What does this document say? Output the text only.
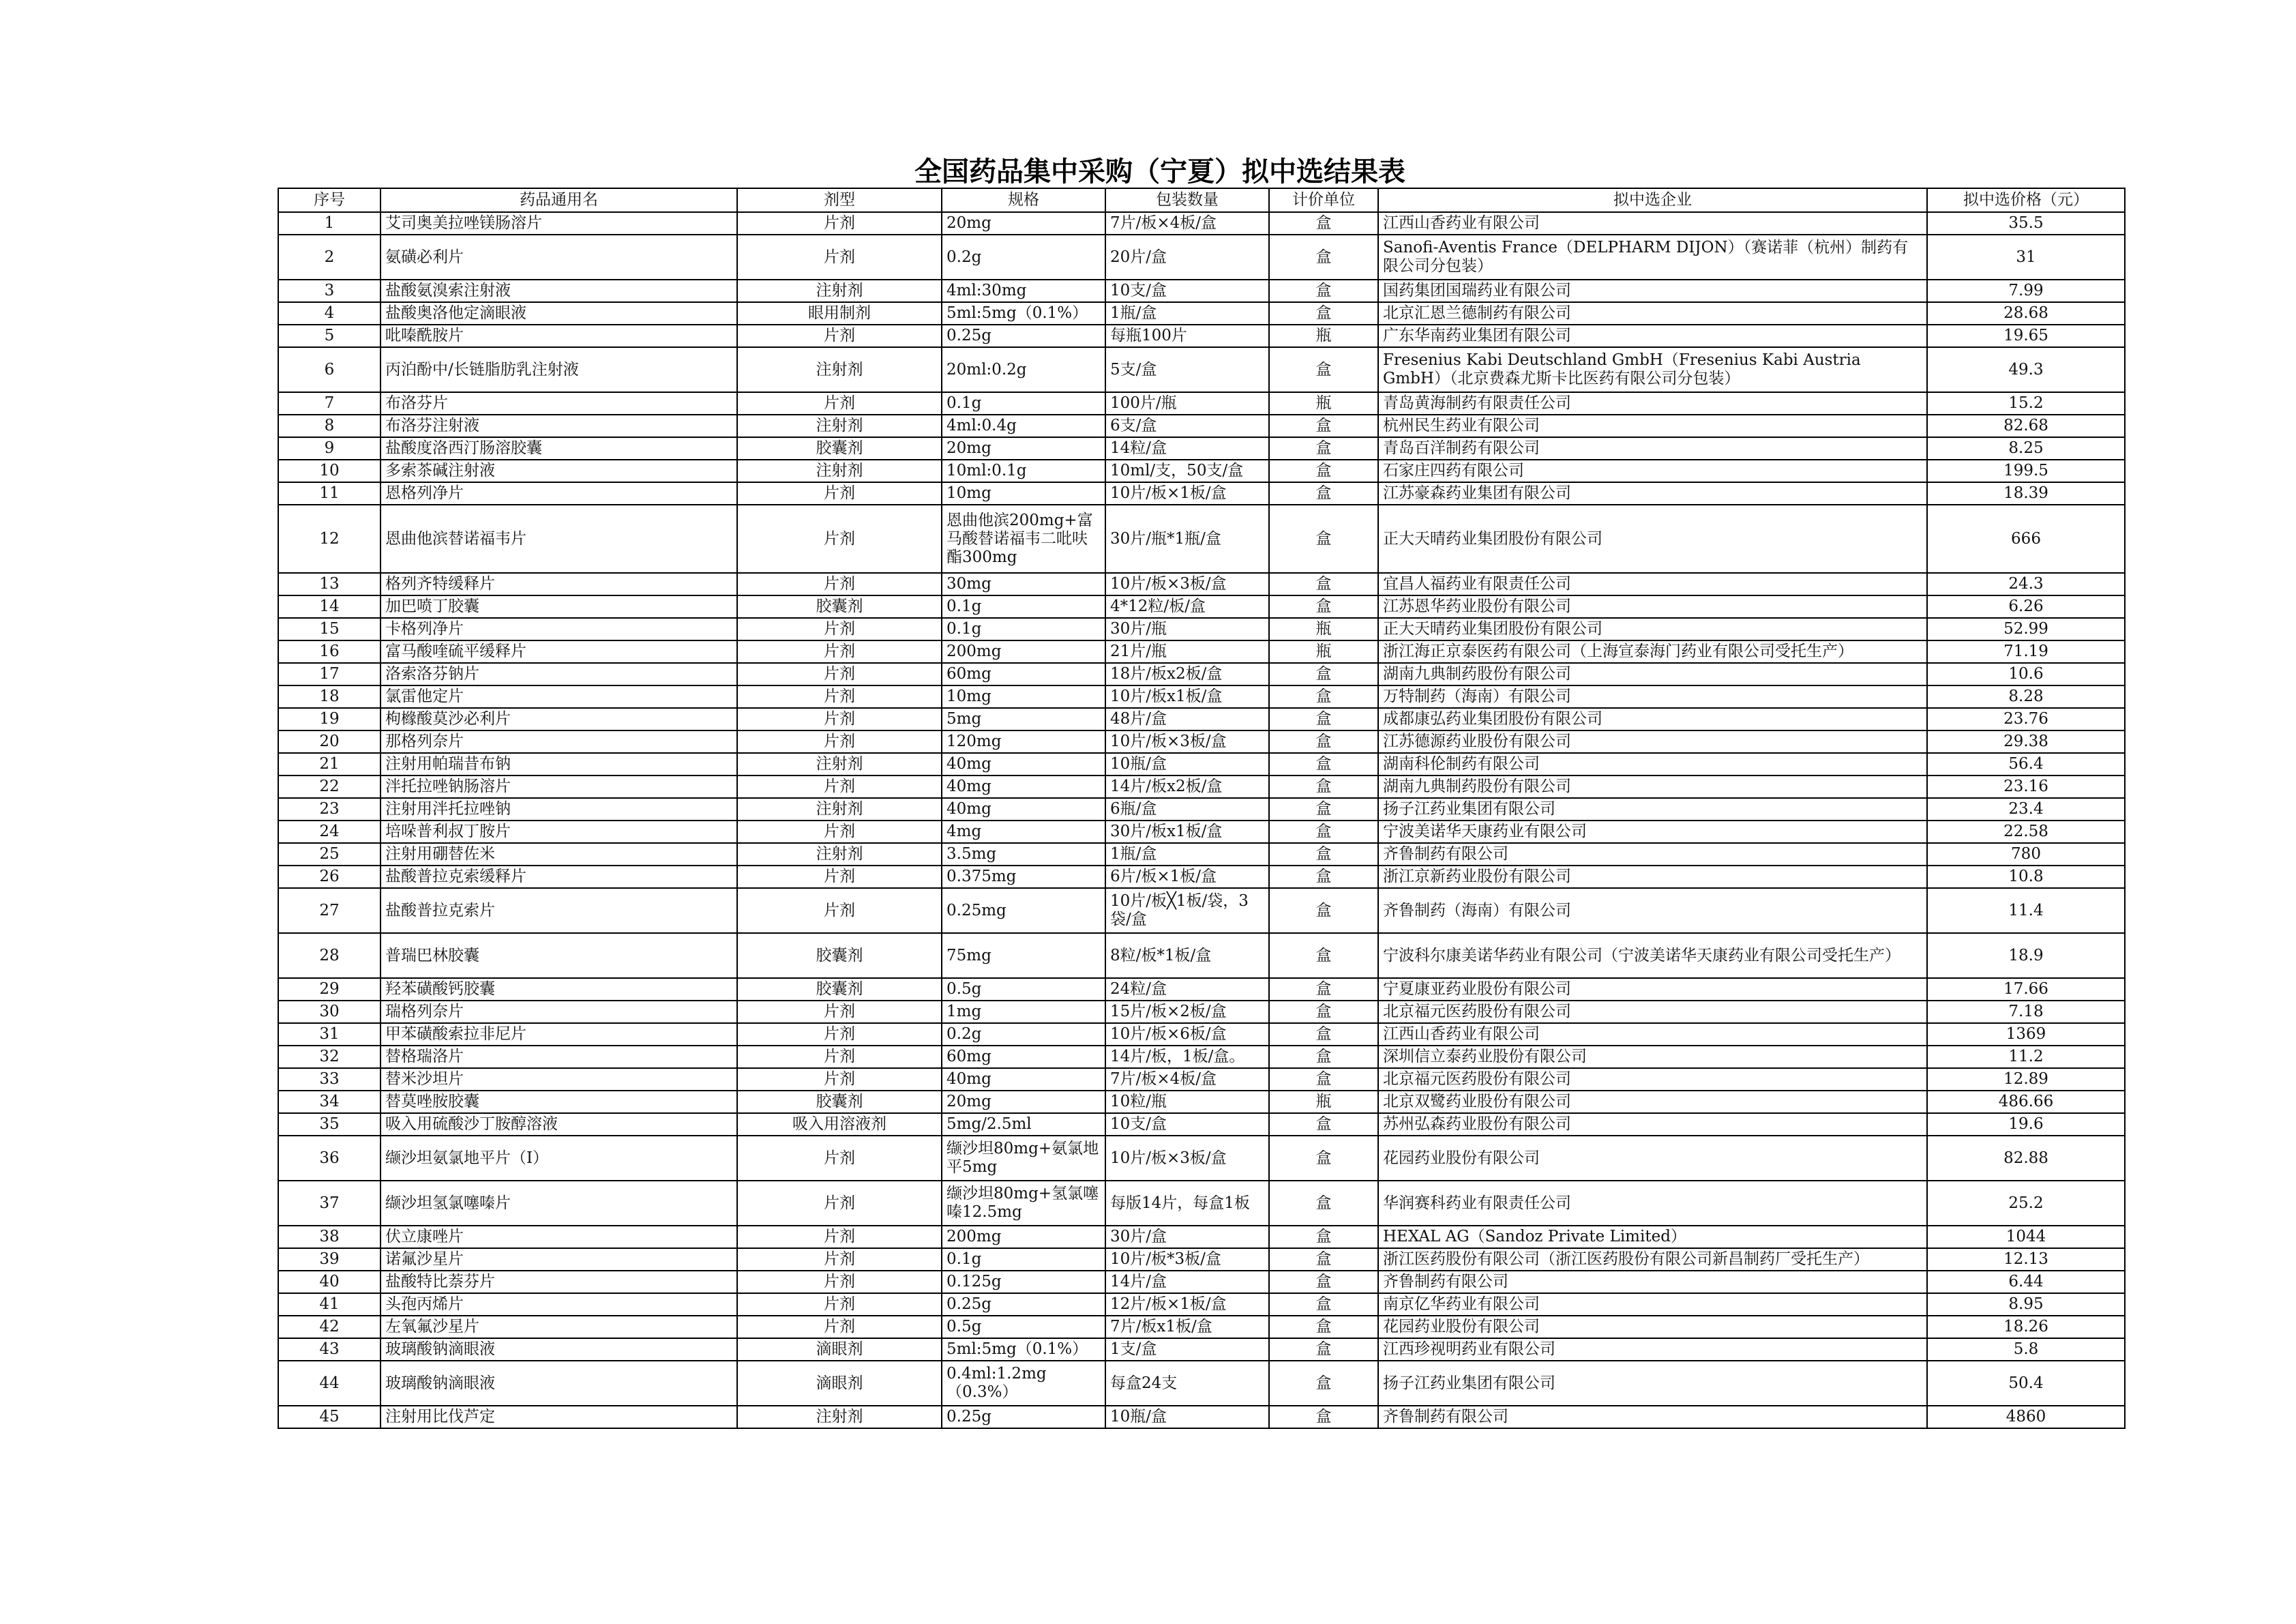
全国药品集中采购（宁夏）拟中选结果表
序号	药品通用名	剂型	规格	包装数量	计价单位	拟中选企业	拟中选价格（元）
1	艾司奥美拉唑镁肠溶片	片剂	20mg	7片/板×4板/盒	盒	江西山香药业有限公司	35.5
2	氨磺必利片	片剂	0.2g	20片/盒	盒	Sanofi-Aventis France（DELPHARM DIJON）（赛诺菲（杭州）制药有限公司分包装）	31
3	盐酸氨溴索注射液	注射剂	4ml:30mg	10支/盒	盒	国药集团国瑞药业有限公司	7.99
4	盐酸奥洛他定滴眼液	眼用制剂	5ml:5mg（0.1%）	1瓶/盒	盒	北京汇恩兰德制药有限公司	28.68
5	吡嗪酰胺片	片剂	0.25g	每瓶100片	瓶	广东华南药业集团有限公司	19.65
6	丙泊酚中/长链脂肪乳注射液	注射剂	20ml:0.2g	5支/盒	盒	Fresenius Kabi Deutschland GmbH（Fresenius Kabi Austria GmbH）（北京费森尤斯卡比医药有限公司分包装）	49.3
7	布洛芬片	片剂	0.1g	100片/瓶	瓶	青岛黄海制药有限责任公司	15.2
8	布洛芬注射液	注射剂	4ml:0.4g	6支/盒	盒	杭州民生药业有限公司	82.68
9	盐酸度洛西汀肠溶胶囊	胶囊剂	20mg	14粒/盒	盒	青岛百洋制药有限公司	8.25
10	多索茶碱注射液	注射剂	10ml:0.1g	10ml/支，50支/盒	盒	石家庄四药有限公司	199.5
11	恩格列净片	片剂	10mg	10片/板×1板/盒	盒	江苏豪森药业集团有限公司	18.39
12	恩曲他滨替诺福韦片	片剂	恩曲他滨200mg+富马酸替诺福韦二吡呋酯300mg	30片/瓶*1瓶/盒	盒	正大天晴药业集团股份有限公司	666
13	格列齐特缓释片	片剂	30mg	10片/板×3板/盒	盒	宜昌人福药业有限责任公司	24.3
14	加巴喷丁胶囊	胶囊剂	0.1g	4*12粒/板/盒	盒	江苏恩华药业股份有限公司	6.26
15	卡格列净片	片剂	0.1g	30片/瓶	瓶	正大天晴药业集团股份有限公司	52.99
16	富马酸喹硫平缓释片	片剂	200mg	21片/瓶	瓶	浙江海正京泰医药有限公司（上海宣泰海门药业有限公司受托生产）	71.19
17	洛索洛芬钠片	片剂	60mg	18片/板x2板/盒	盒	湖南九典制药股份有限公司	10.6
18	氯雷他定片	片剂	10mg	10片/板x1板/盒	盒	万特制药（海南）有限公司	8.28
19	枸橼酸莫沙必利片	片剂	5mg	48片/盒	盒	成都康弘药业集团股份有限公司	23.76
20	那格列奈片	片剂	120mg	10片/板×3板/盒	盒	江苏德源药业股份有限公司	29.38
21	注射用帕瑞昔布钠	注射剂	40mg	10瓶/盒	盒	湖南科伦制药有限公司	56.4
22	泮托拉唑钠肠溶片	片剂	40mg	14片/板x2板/盒	盒	湖南九典制药股份有限公司	23.16
23	注射用泮托拉唑钠	注射剂	40mg	6瓶/盒	盒	扬子江药业集团有限公司	23.4
24	培哚普利叔丁胺片	片剂	4mg	30片/板x1板/盒	盒	宁波美诺华天康药业有限公司	22.58
25	注射用硼替佐米	注射剂	3.5mg	1瓶/盒	盒	齐鲁制药有限公司	780
26	盐酸普拉克索缓释片	片剂	0.375mg	6片/板×1板/盒	盒	浙江京新药业股份有限公司	10.8
27	盐酸普拉克索片	片剂	0.25mg	10片/板╳1板/袋，3袋/盒	盒	齐鲁制药（海南）有限公司	11.4
28	普瑞巴林胶囊	胶囊剂	75mg	8粒/板*1板/盒	盒	宁波科尔康美诺华药业有限公司（宁波美诺华天康药业有限公司受托生产）	18.9
29	羟苯磺酸钙胶囊	胶囊剂	0.5g	24粒/盒	盒	宁夏康亚药业股份有限公司	17.66
30	瑞格列奈片	片剂	1mg	15片/板×2板/盒	盒	北京福元医药股份有限公司	7.18
31	甲苯磺酸索拉非尼片	片剂	0.2g	10片/板×6板/盒	盒	江西山香药业有限公司	1369
32	替格瑞洛片	片剂	60mg	14片/板，1板/盒。	盒	深圳信立泰药业股份有限公司	11.2
33	替米沙坦片	片剂	40mg	7片/板×4板/盒	盒	北京福元医药股份有限公司	12.89
34	替莫唑胺胶囊	胶囊剂	20mg	10粒/瓶	瓶	北京双鹭药业股份有限公司	486.66
35	吸入用硫酸沙丁胺醇溶液	吸入用溶液剂	5mg/2.5ml	10支/盒	盒	苏州弘森药业股份有限公司	19.6
36	缬沙坦氨氯地平片（Ⅰ）	片剂	缬沙坦80mg+氨氯地平5mg	10片/板×3板/盒	盒	花园药业股份有限公司	82.88
37	缬沙坦氢氯噻嗪片	片剂	缬沙坦80mg+氢氯噻嗪12.5mg	每版14片，每盒1板	盒	华润赛科药业有限责任公司	25.2
38	伏立康唑片	片剂	200mg	30片/盒	盒	HEXAL AG（Sandoz Private Limited）	1044
39	诺氟沙星片	片剂	0.1g	10片/板*3板/盒	盒	浙江医药股份有限公司（浙江医药股份有限公司新昌制药厂受托生产）	12.13
40	盐酸特比萘芬片	片剂	0.125g	14片/盒	盒	齐鲁制药有限公司	6.44
41	头孢丙烯片	片剂	0.25g	12片/板×1板/盒	盒	南京亿华药业有限公司	8.95
42	左氧氟沙星片	片剂	0.5g	7片/板x1板/盒	盒	花园药业股份有限公司	18.26
43	玻璃酸钠滴眼液	滴眼剂	5ml:5mg（0.1%）	1支/盒	盒	江西珍视明药业有限公司	5.8
44	玻璃酸钠滴眼液	滴眼剂	0.4ml:1.2mg（0.3%）	每盒24支	盒	扬子江药业集团有限公司	50.4
45	注射用比伐芦定	注射剂	0.25g	10瓶/盒	盒	齐鲁制药有限公司	4860
